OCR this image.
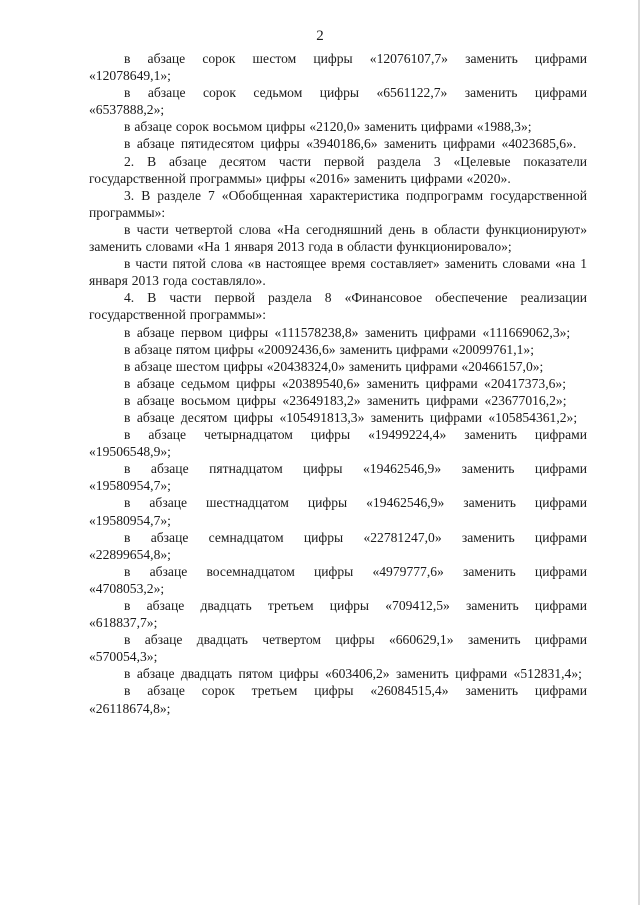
2

в абзаце сорок шестом цифры «12076107,7» заменить цифрами «12078649,1»;

в абзаце сорок седьмом цифры «6561122,7» заменить цифрами «6537888,2»;

в абзаце сорок восьмом цифры «2120,0» заменить цифрами «1988,3»;

в абзаце пятидесятом цифры «3940186,6» заменить цифрами «4023685,6».

2. В абзаце десятом части первой раздела 3 «Целевые показатели государственной программы» цифры «2016» заменить цифрами «2020».

3. В разделе 7 «Обобщенная характеристика подпрограмм государственной программы»:

в части четвертой слова «На сегодняшний день в области функционируют» заменить словами «На 1 января 2013 года в области функционировало»;

в части пятой слова «в настоящее время составляет» заменить словами «на 1 января 2013 года составляло».

4. В части первой раздела 8 «Финансовое обеспечение реализации государственной программы»:

в абзаце первом цифры «111578238,8» заменить цифрами «111669062,3»;

в абзаце пятом цифры «20092436,6» заменить цифрами «20099761,1»;

в абзаце шестом цифры «20438324,0» заменить цифрами «20466157,0»;

в абзаце седьмом цифры «20389540,6» заменить цифрами «20417373,6»;

в абзаце восьмом цифры «23649183,2» заменить цифрами «23677016,2»;

в абзаце десятом цифры «105491813,3» заменить цифрами «105854361,2»;

в абзаце четырнадцатом цифры «19499224,4» заменить цифрами «19506548,9»;

в абзаце пятнадцатом цифры «19462546,9» заменить цифрами «19580954,7»;

в абзаце шестнадцатом цифры «19462546,9» заменить цифрами «19580954,7»;

в абзаце семнадцатом цифры «22781247,0» заменить цифрами «22899654,8»;

в абзаце восемнадцатом цифры «4979777,6» заменить цифрами «4708053,2»;

в абзаце двадцать третьем цифры «709412,5» заменить цифрами «618837,7»;

в абзаце двадцать четвертом цифры «660629,1» заменить цифрами «570054,3»;

в абзаце двадцать пятом цифры «603406,2» заменить цифрами «512831,4»;

в абзаце сорок третьем цифры «26084515,4» заменить цифрами «26118674,8»;
